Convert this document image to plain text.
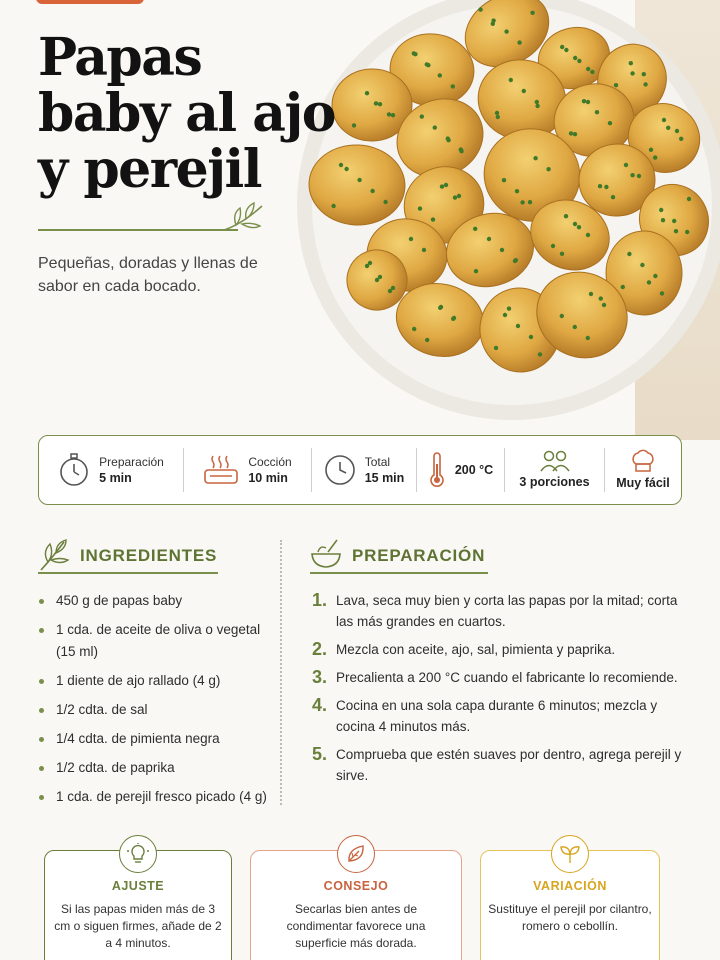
Papas baby al ajo y perejil

Pequeñas, doradas y llenas de sabor en cada bocado.

Preparación
5 min
Cocción
10 min
Total
15 min
200 °C
3 porciones Muy fácil
INGREDIENTES
450 g de papas baby
1 cda. de aceite de oliva o vegetal (15 ml)
1 diente de ajo rallado (4 g)
1/2 cdta. de sal
1/4 cdta. de pimienta negra
1/2 cdta. de paprika
1 cda. de perejil fresco picado (4 g)
PREPARACIÓN
1. Lava, seca muy bien y corta las papas por la mitad; corta las más grandes en cuartos.
2. Mezcla con aceite, ajo, sal, pimienta y paprika.
3. Precalienta a 200 °C cuando el fabricante lo recomiende.
4. Cocina en una sola capa durante 6 minutos; mezcla y cocina 4 minutos más.
5. Comprueba que estén suaves por dentro, agrega perejil y sirve.
AJUSTE
Si las papas miden más de 3 cm o siguen firmes, añade de 2 a 4 minutos.
CONSEJO
Secarlas bien antes de condimentar favorece una superficie más dorada.
VARIACIÓN
Sustituye el perejil por cilantro, romero o cebollín.
